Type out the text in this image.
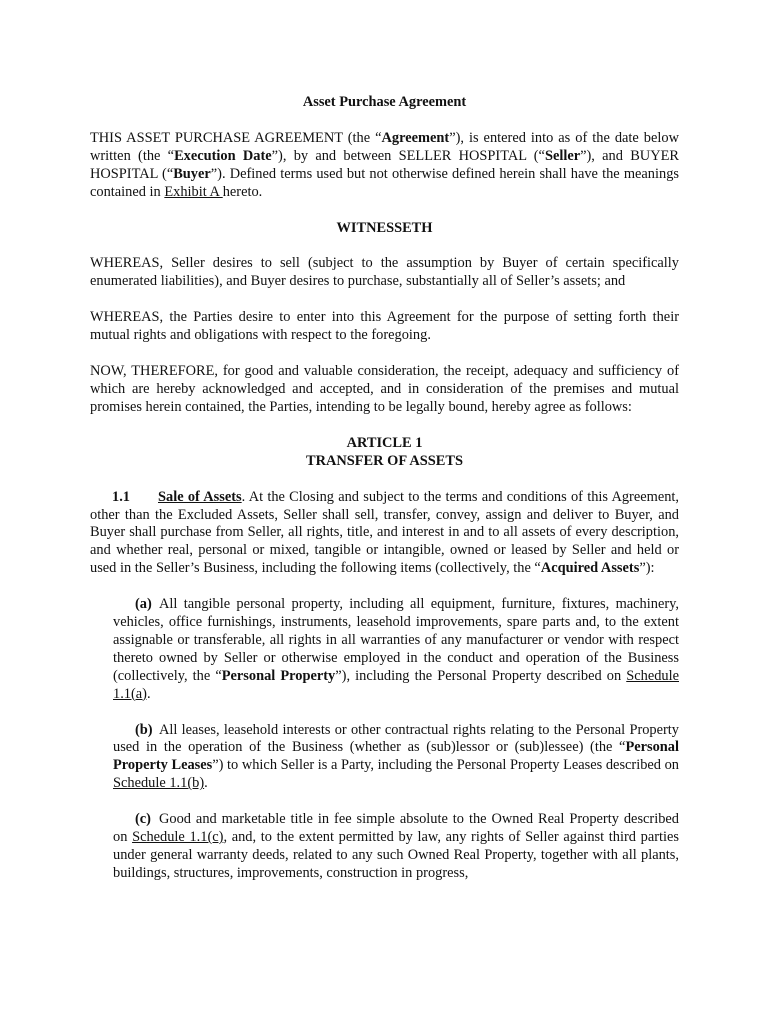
Asset Purchase Agreement

THIS ASSET PURCHASE AGREEMENT (the “Agreement”), is entered into as of the date below written (the “Execution Date”), by and between SELLER HOSPITAL (“Seller”), and BUYER HOSPITAL (“Buyer”). Defined terms used but not otherwise defined herein shall have the meanings contained in Exhibit A hereto.

WITNESSETH

WHEREAS, Seller desires to sell (subject to the assumption by Buyer of certain specifically enumerated liabilities), and Buyer desires to purchase, substantially all of Seller’s assets; and

WHEREAS, the Parties desire to enter into this Agreement for the purpose of setting forth their mutual rights and obligations with respect to the foregoing.

NOW, THEREFORE, for good and valuable consideration, the receipt, adequacy and sufficiency of which are hereby acknowledged and accepted, and in consideration of the premises and mutual promises herein contained, the Parties, intending to be legally bound, hereby agree as follows:

ARTICLE 1

TRANSFER OF ASSETS

1.1 Sale of Assets. At the Closing and subject to the terms and conditions of this Agreement, other than the Excluded Assets, Seller shall sell, transfer, convey, assign and deliver to Buyer, and Buyer shall purchase from Seller, all rights, title, and interest in and to all assets of every description, and whether real, personal or mixed, tangible or intangible, owned or leased by Seller and held or used in the Seller’s Business, including the following items (collectively, the “Acquired Assets”):

(a) All tangible personal property, including all equipment, furniture, fixtures, machinery, vehicles, office furnishings, instruments, leasehold improvements, spare parts and, to the extent assignable or transferable, all rights in all warranties of any manufacturer or vendor with respect thereto owned by Seller or otherwise employed in the conduct and operation of the Business (collectively, the “Personal Property”), including the Personal Property described on Schedule 1.1(a).

(b) All leases, leasehold interests or other contractual rights relating to the Personal Property used in the operation of the Business (whether as (sub)lessor or (sub)lessee) (the “Personal Property Leases”) to which Seller is a Party, including the Personal Property Leases described on Schedule 1.1(b).

(c) Good and marketable title in fee simple absolute to the Owned Real Property described on Schedule 1.1(c), and, to the extent permitted by law, any rights of Seller against third parties under general warranty deeds, related to any such Owned Real Property, together with all plants, buildings, structures, improvements, construction in progress,
